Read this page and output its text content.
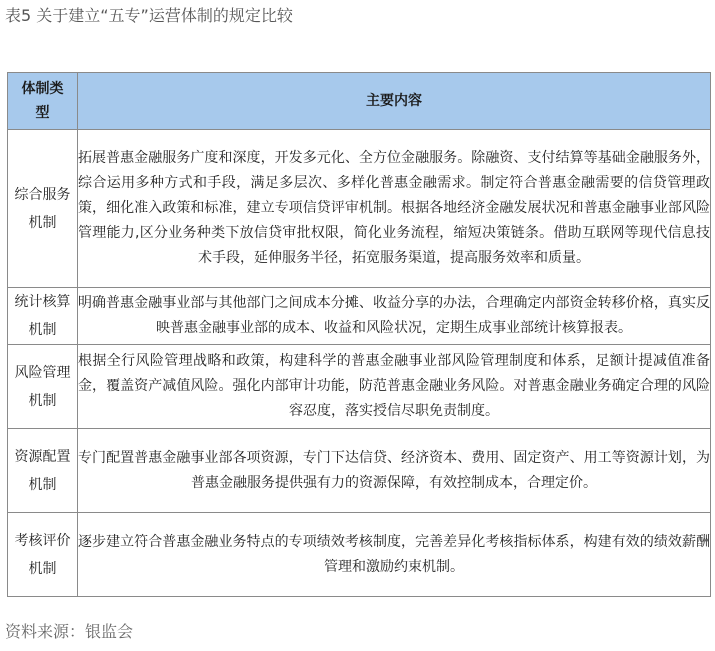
表5 关于建立“五专”运营体制的规定比较
体制类型	主要内容
综合服务机制	拓展普惠金融服务广度和深度，开发多元化、全方位金融服务。除融资、支付结算等基础金融服务外，综合运用多种方式和手段，满足多层次、多样化普惠金融需求。制定符合普惠金融需要的信贷管理政策，细化准入政策和标准，建立专项信贷评审机制。根据各地经济金融发展状况和普惠金融事业部风险管理能力,区分业务种类下放信贷审批权限，简化业务流程，缩短决策链条。借助互联网等现代信息技术手段，延伸服务半径，拓宽服务渠道，提高服务效率和质量。
统计核算机制	明确普惠金融事业部与其他部门之间成本分摊、收益分享的办法，合理确定内部资金转移价格，真实反映普惠金融事业部的成本、收益和风险状况，定期生成事业部统计核算报表。
风险管理机制	根据全行风险管理战略和政策，构建科学的普惠金融事业部风险管理制度和体系，足额计提减值准备金，覆盖资产减值风险。强化内部审计功能，防范普惠金融业务风险。对普惠金融业务确定合理的风险容忍度，落实授信尽职免责制度。
资源配置机制	专门配置普惠金融事业部各项资源，专门下达信贷、经济资本、费用、固定资产、用工等资源计划，为普惠金融服务提供强有力的资源保障，有效控制成本，合理定价。
考核评价机制	逐步建立符合普惠金融业务特点的专项绩效考核制度，完善差异化考核指标体系，构建有效的绩效薪酬管理和激励约束机制。
资料来源：银监会
